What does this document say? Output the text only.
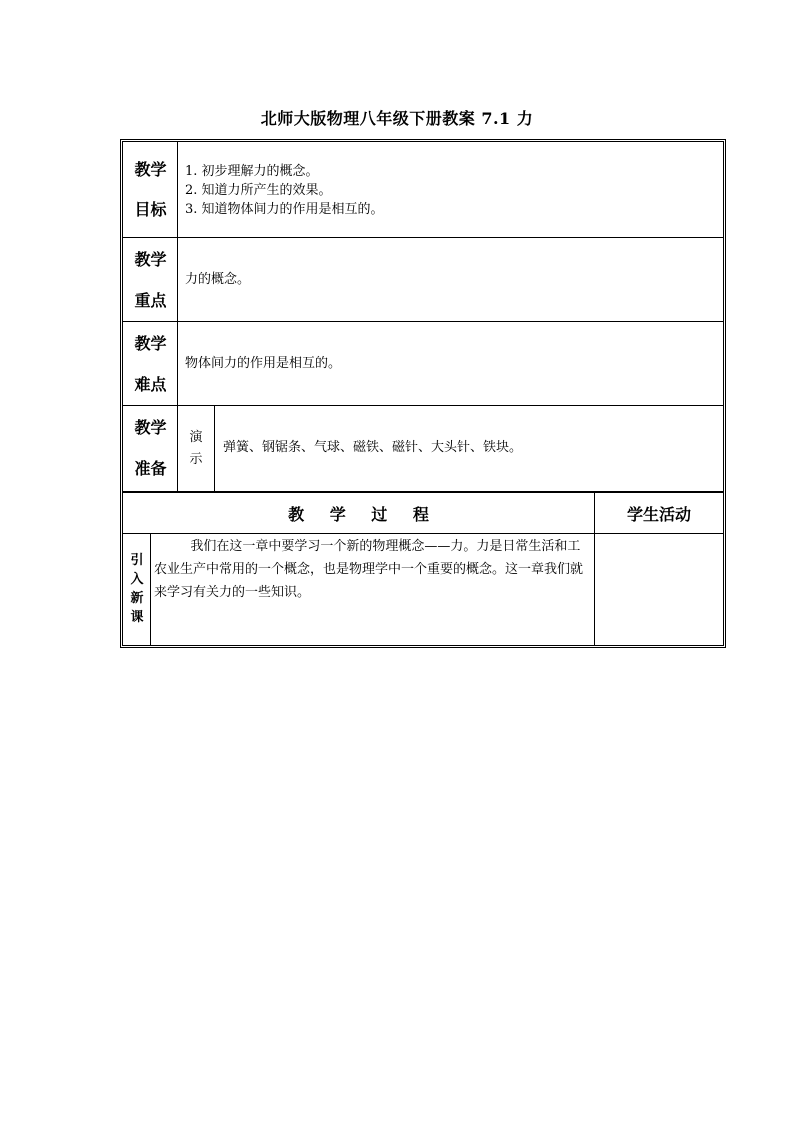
北师大版物理八年级下册教案 7.1 力
教学
目标
1. 初步理解力的概念。
2. 知道力所产生的效果。
3. 知道物体间力的作用是相互的。
教学
重点
力的概念。
教学
难点
物体间力的作用是相互的。
教学
准备
演
示
弹簧、钢锯条、气球、磁铁、磁针、大头针、铁块。
教 学 过 程	学生活动
引
入
新
课
我们在这一章中要学习一个新的物理概念——力。力是日常生活和工农业生产中常用的一个概念，也是物理学中一个重要的概念。这一章我们就来学习有关力的一些知识。
